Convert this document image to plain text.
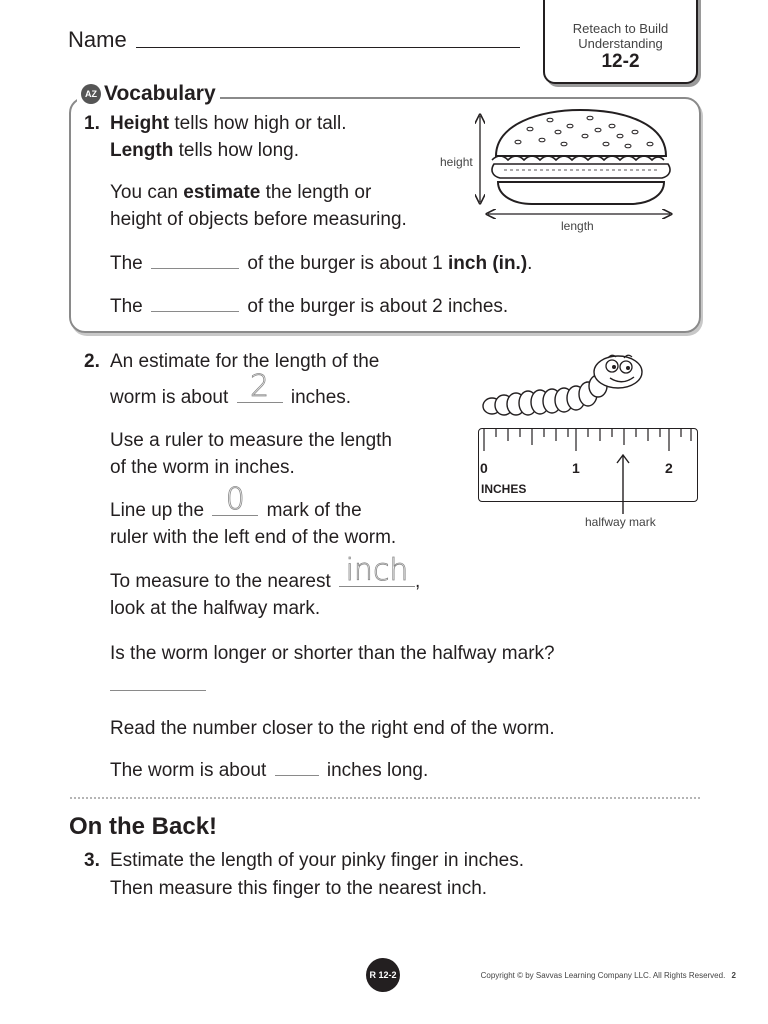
Name	Reteach to Build
Understanding
12-2
AZ Vocabulary
1. Height tells how high or tall.
Length tells how long.
You can estimate the length or
height of objects before measuring.
The	of the burger is about 1 inch (in.).
The	of the burger is about 2 inches.
height
length
2. An estimate for the length of the
worm is about 2	inches.
Use a ruler to measure the length
of the worm in inches.
Line up the 0	mark of the
ruler with the left end of the worm.
To measure to the nearest inch ,
look at the halfway mark.
Is the worm longer or shorter than the halfway mark?
Read the number closer to the right end of the worm.
The worm is about	inches long.
0	1	2
INCHES
halfway mark
On the Back!
3. Estimate the length of your pinky finger in inches.
Then measure this finger to the nearest inch.
R 12-2	Copyright © by Savvas Learning Company LLC. All Rights Reserved. 2
